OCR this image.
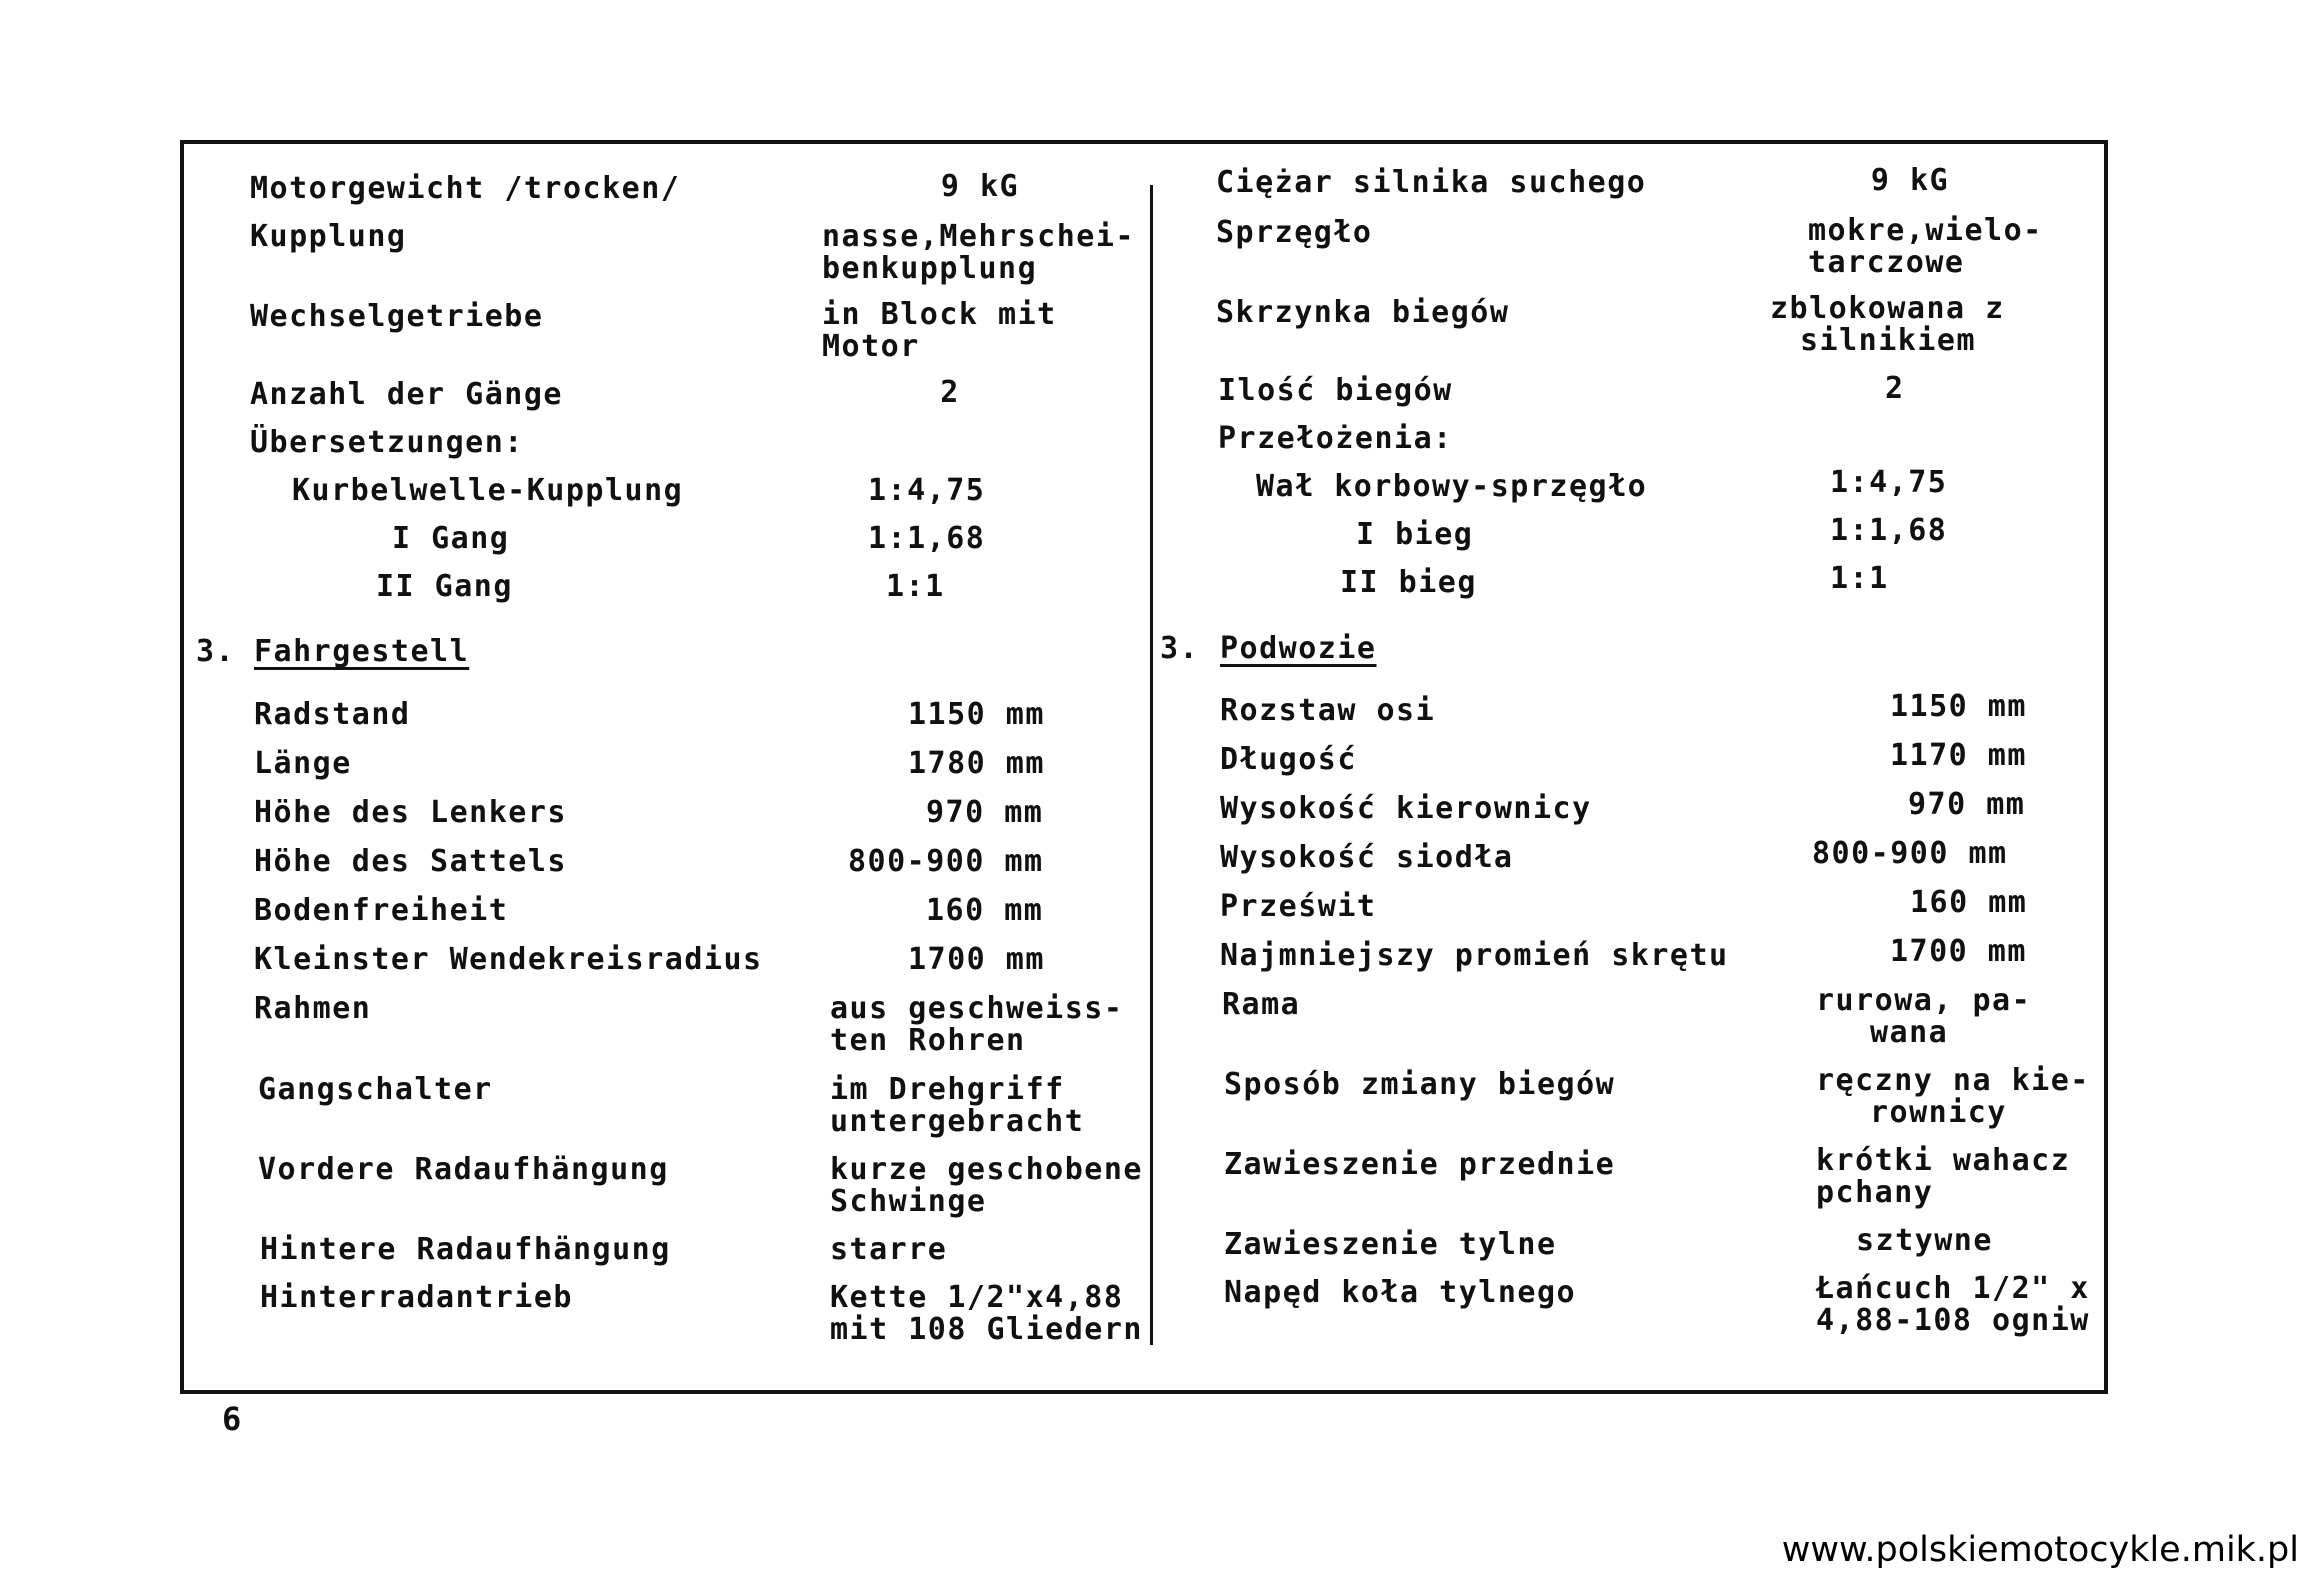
Motorgewicht /trocken/
Kupplung
Wechselgetriebe
Anzahl der Gänge
Übersetzungen:
Kurbelwelle-Kupplung
I Gang
II Gang
3. Fahrgestell
Radstand
Länge
Höhe des Lenkers
Höhe des Sattels
Bodenfreiheit
Kleinster Wendekreisradius
Rahmen
Gangschalter
Vordere Radaufhängung
Hintere Radaufhängung
Hinterradantrieb
9 kG
nasse,Mehrschei-
benkupplung
in Block mit
Motor
2
1:4,75
1:1,68
1:1
1150 mm
1780 mm
970 mm
800-900 mm
160 mm
1700 mm
aus geschweiss-
ten Rohren
im Drehgriff
untergebracht
kurze geschobene
Schwinge
starre
Kette 1/2"x4,88
mit 108 Gliedern
Ciężar silnika suchego
Sprzęgło
Skrzynka biegów
Ilość biegów
Przełożenia:
Wał korbowy-sprzęgło
I bieg
II bieg
3. Podwozie
Rozstaw osi
Długość
Wysokość kierownicy
Wysokość siodła
Prześwit
Najmniejszy promień skrętu
Rama
Sposób zmiany biegów
Zawieszenie przednie
Zawieszenie tylne
Napęd koła tylnego
9 kG
mokre,wielo-
tarczowe
zblokowana z
silnikiem
2
1:4,75
1:1,68
1:1
1150 mm
1170 mm
970 mm
800-900 mm
160 mm
1700 mm
rurowa, pa-
wana
ręczny na kie-
rownicy
krótki wahacz
pchany
sztywne
Łańcuch 1/2" x
4,88-108 ogniw
6
www.polskiemotocykle.mik.pl
